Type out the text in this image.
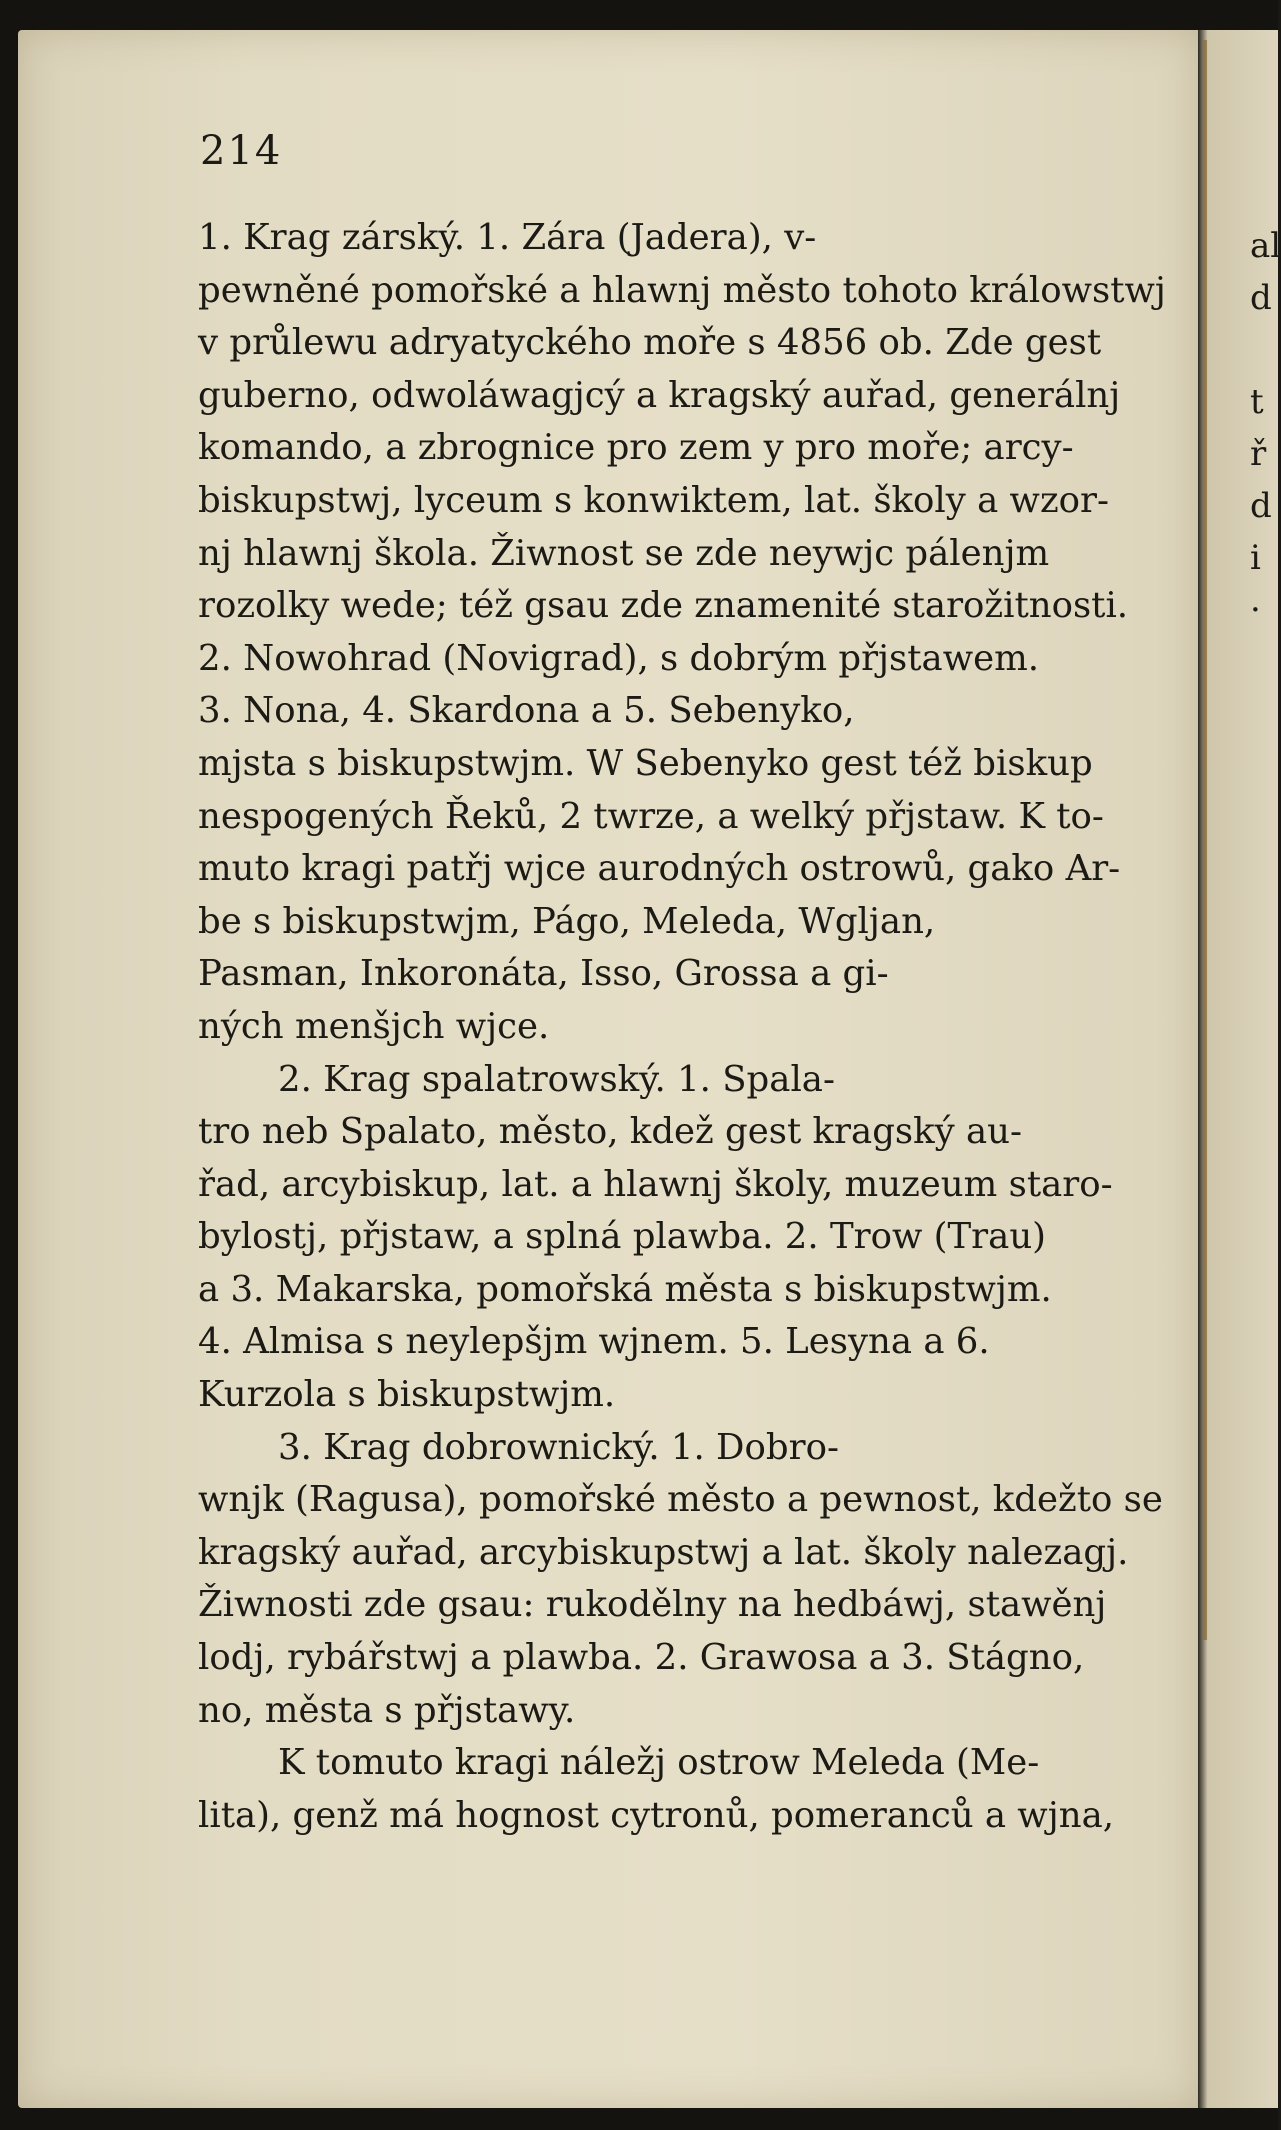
214
1. Krag zárský. 1. Zára (Jadera), v-
pewněné pomořské a hlawnj město tohoto králowstwj
v průlewu adryatyckého moře s 4856 ob. Zde gest
guberno, odwoláwagjcý a kragský auřad, generálnj
komando, a zbrognice pro zem y pro moře; arcy-
biskupstwj, lyceum s konwiktem, lat. školy a wzor-
nj hlawnj škola. Žiwnost se zde neywjc pálenjm
rozolky wede; též gsau zde znamenité starožitnosti.
2. Nowohrad (Novigrad), s dobrým přjstawem.
3. Nona, 4. Skardona a 5. Sebenyko,
mjsta s biskupstwjm. W Sebenyko gest též biskup
nespogených Řeků, 2 twrze, a welký přjstaw. K to-
muto kragi patřj wjce aurodných ostrowů, gako Ar-
be s biskupstwjm, Págo, Meleda, Wgljan,
Pasman, Inkoronáta, Isso, Grossa a gi-
ných menšjch wjce.
2. Krag spalatrowský. 1. Spala-
tro neb Spalato, město, kdež gest kragský au-
řad, arcybiskup, lat. a hlawnj školy, muzeum staro-
bylostj, přjstaw, a splná plawba. 2. Trow (Trau)
a 3. Makarska, pomořská města s biskupstwjm.
4. Almisa s neylepšjm wjnem. 5. Lesyna a 6.
Kurzola s biskupstwjm.
3. Krag dobrownický. 1. Dobro-
wnjk (Ragusa), pomořské město a pewnost, kdežto se
kragský auřad, arcybiskupstwj a lat. školy nalezagj.
Žiwnosti zde gsau: rukodělny na hedbáwj, stawěnj
lodj, rybářstwj a plawba. 2. Grawosa a 3. Stágno,
no, města s přjstawy.
K tomuto kragi náležj ostrow Meleda (Me-
lita), genž má hognost cytronů, pomeranců a wjna,
al
d
t
ř
d
i
·
